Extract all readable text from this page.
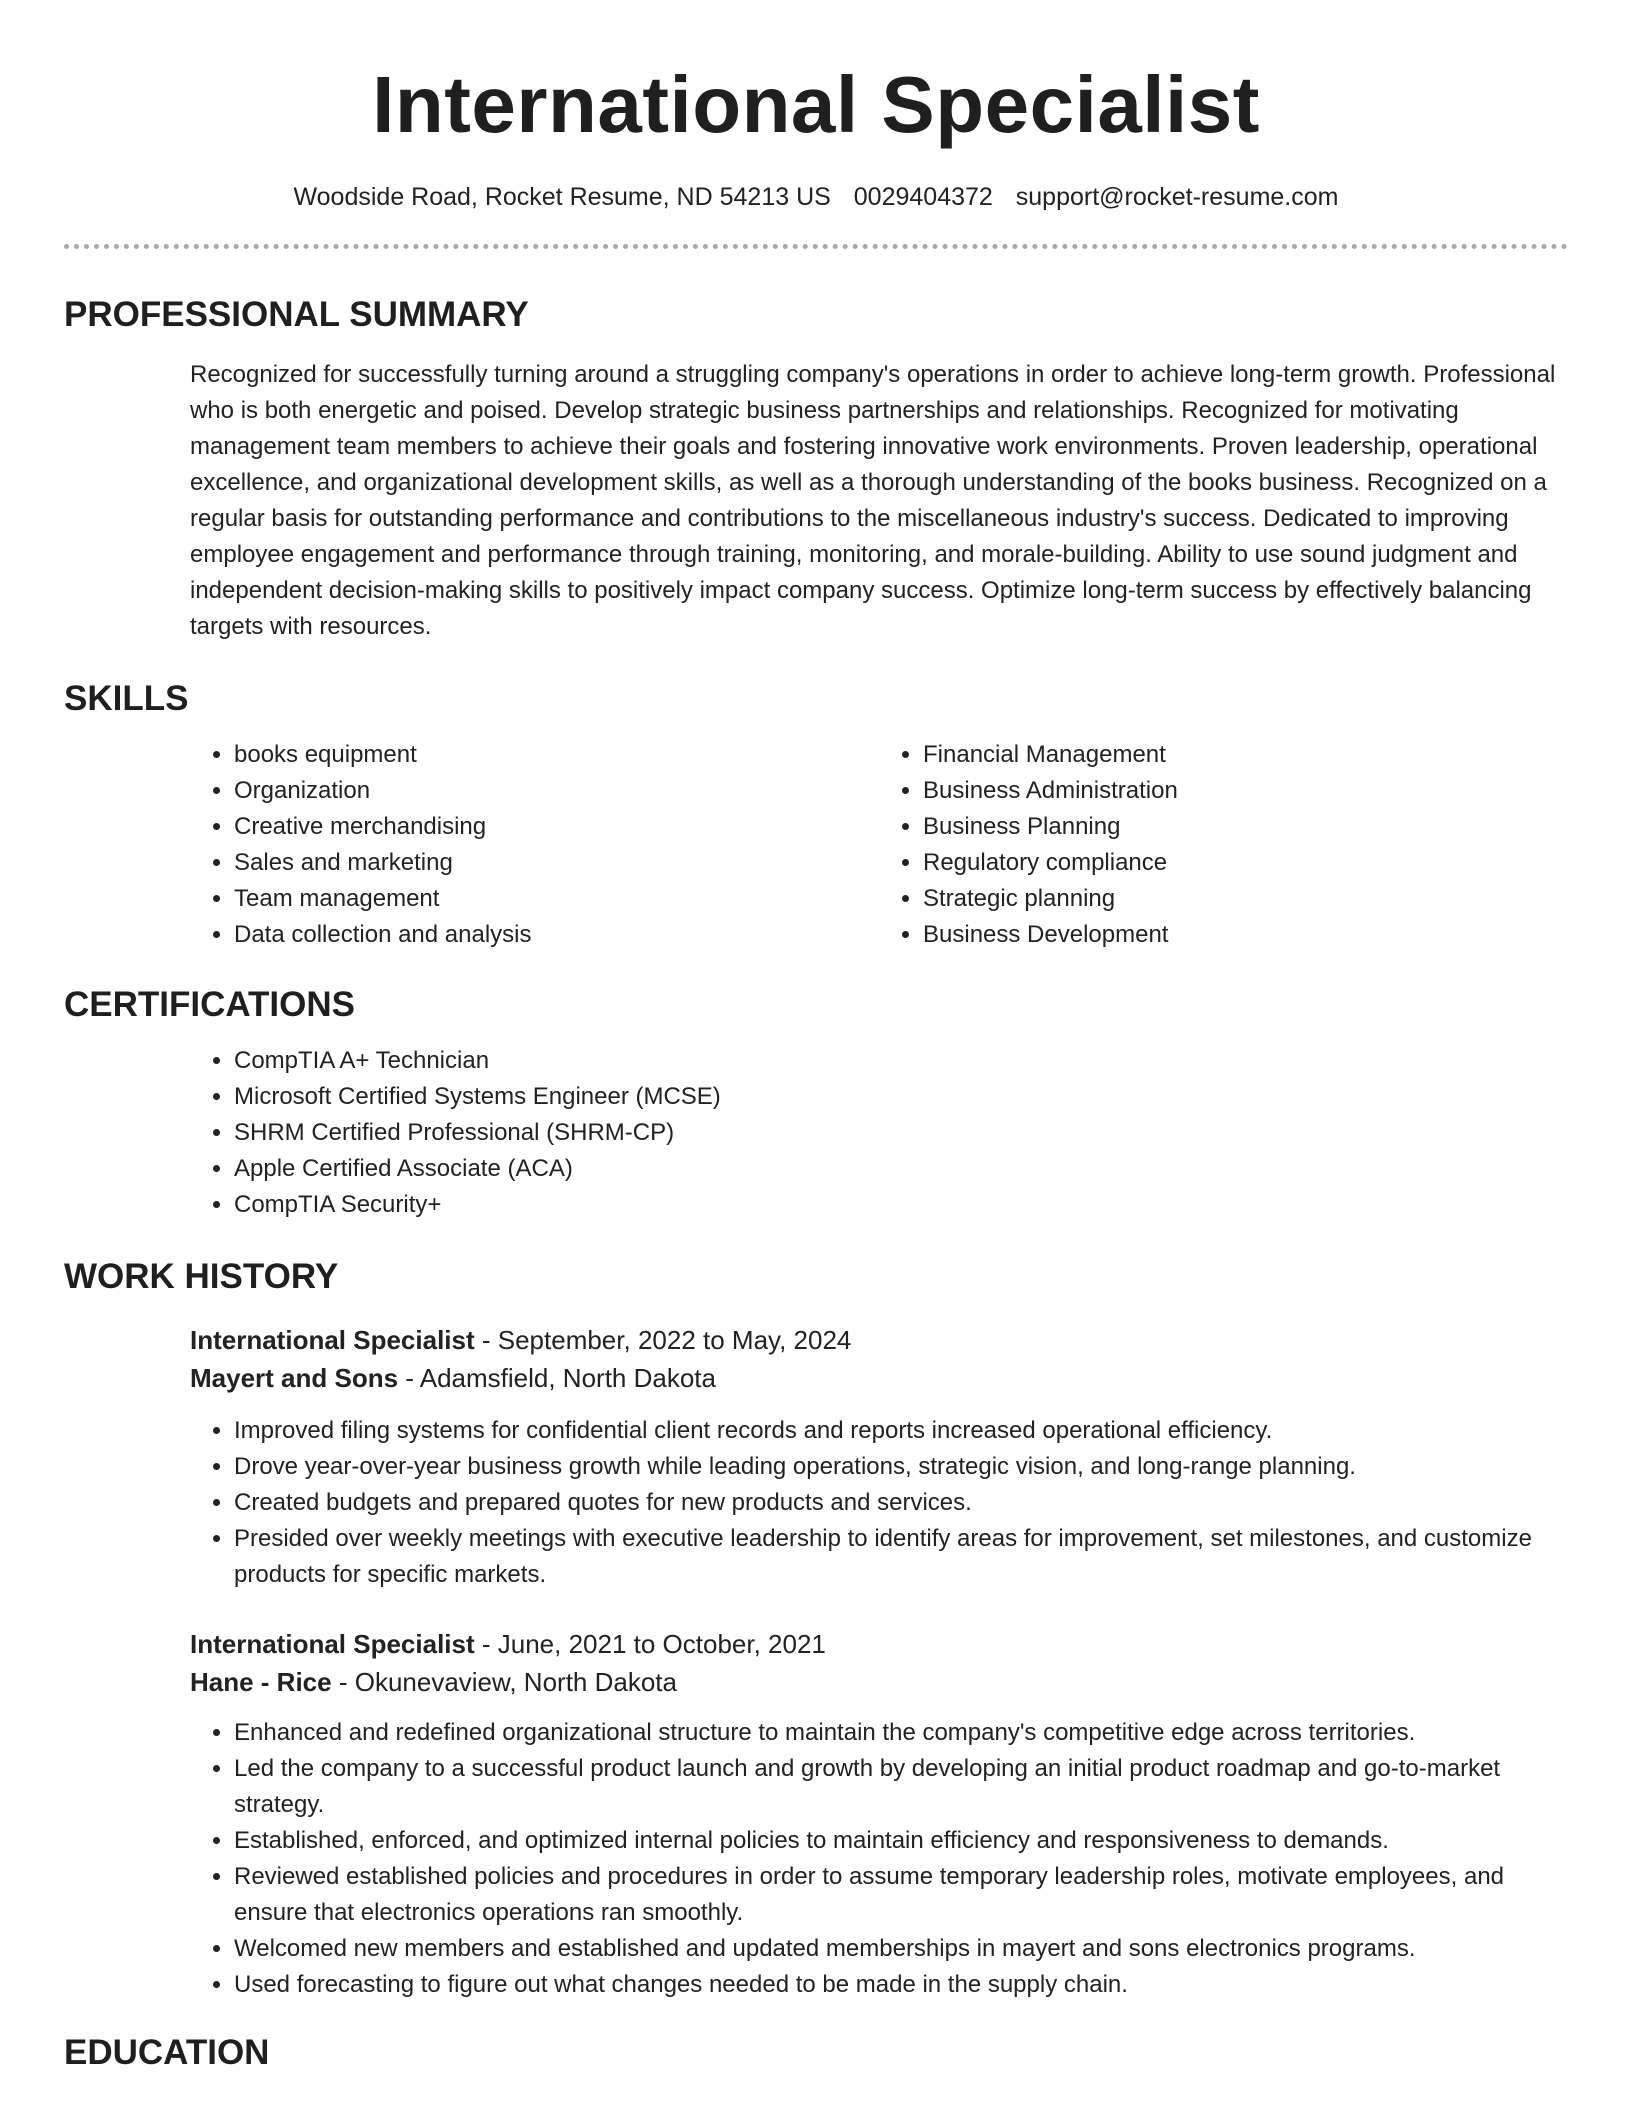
International Specialist
Woodside Road, Rocket Resume, ND 54213 US 0029404372 support@rocket-resume.com
PROFESSIONAL SUMMARY

Recognized for successfully turning around a struggling company's operations in order to achieve long-term growth. Professional who is both energetic and poised. Develop strategic business partnerships and relationships. Recognized for motivating management team members to achieve their goals and fostering innovative work environments. Proven leadership, operational excellence, and organizational development skills, as well as a thorough understanding of the books business. Recognized on a regular basis for outstanding performance and contributions to the miscellaneous industry's success. Dedicated to improving employee engagement and performance through training, monitoring, and morale-building. Ability to use sound judgment and independent decision-making skills to positively impact company success. Optimize long-term success by effectively balancing targets with resources.

SKILLS
• books equipment
• Organization
• Creative merchandising
• Sales and marketing
• Team management
• Data collection and analysis
• Financial Management
• Business Administration
• Business Planning
• Regulatory compliance
• Strategic planning
• Business Development
CERTIFICATIONS
• CompTIA A+ Technician
• Microsoft Certified Systems Engineer (MCSE)
• SHRM Certified Professional (SHRM-CP)
• Apple Certified Associate (ACA)
• CompTIA Security+
WORK HISTORY

International Specialist - September, 2022 to May, 2024

Mayert and Sons - Adamsfield, North Dakota

• Improved filing systems for confidential client records and reports increased operational efficiency.
• Drove year-over-year business growth while leading operations, strategic vision, and long-range planning.
• Created budgets and prepared quotes for new products and services.
• Presided over weekly meetings with executive leadership to identify areas for improvement, set milestones, and customize products for specific markets.

International Specialist - June, 2021 to October, 2021

Hane - Rice - Okunevaview, North Dakota

• Enhanced and redefined organizational structure to maintain the company's competitive edge across territories.
• Led the company to a successful product launch and growth by developing an initial product roadmap and go-to-market strategy.
• Established, enforced, and optimized internal policies to maintain efficiency and responsiveness to demands.
• Reviewed established policies and procedures in order to assume temporary leadership roles, motivate employees, and ensure that electronics operations ran smoothly.
• Welcomed new members and established and updated memberships in mayert and sons electronics programs.
• Used forecasting to figure out what changes needed to be made in the supply chain.
EDUCATION
